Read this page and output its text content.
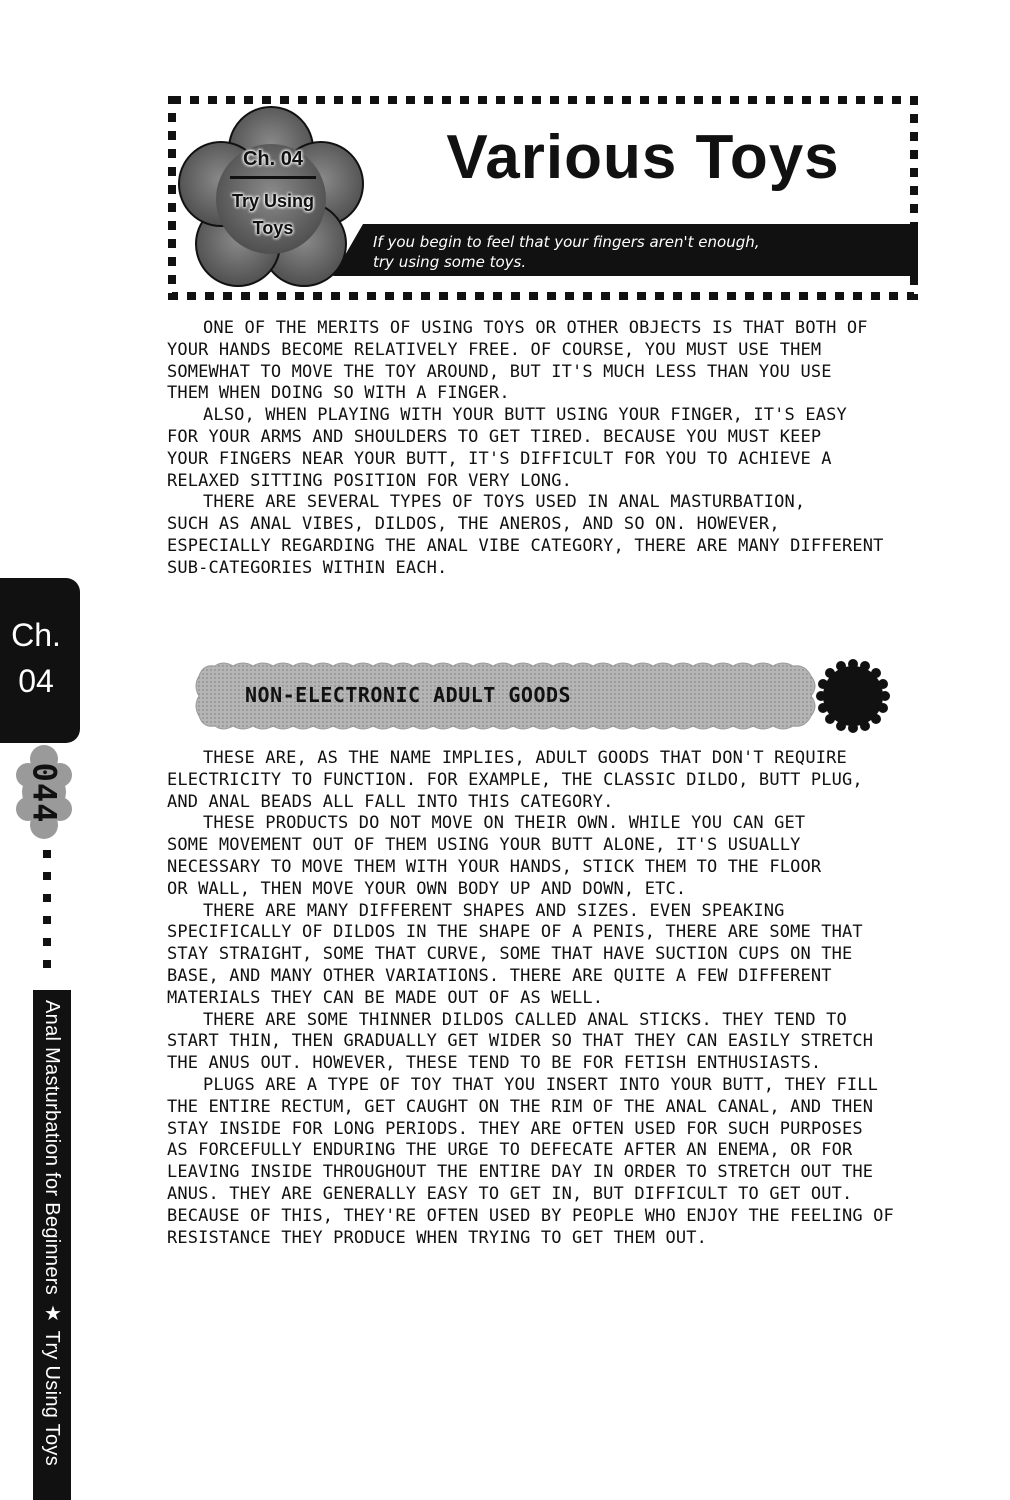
Ch. 04
Try Using
Toys
Various Toys
If you begin to feel that your fingers aren't enough,
try using some toys.

ONE OF THE MERITS OF USING TOYS OR OTHER OBJECTS IS THAT BOTH OF
YOUR HANDS BECOME RELATIVELY FREE. OF COURSE, YOU MUST USE THEM
SOMEWHAT TO MOVE THE TOY AROUND, BUT IT'S MUCH LESS THAN YOU USE
THEM WHEN DOING SO WITH A FINGER.

ALSO, WHEN PLAYING WITH YOUR BUTT USING YOUR FINGER, IT'S EASY
FOR YOUR ARMS AND SHOULDERS TO GET TIRED. BECAUSE YOU MUST KEEP
YOUR FINGERS NEAR YOUR BUTT, IT'S DIFFICULT FOR YOU TO ACHIEVE A
RELAXED SITTING POSITION FOR VERY LONG.

THERE ARE SEVERAL TYPES OF TOYS USED IN ANAL MASTURBATION,
SUCH AS ANAL VIBES, DILDOS, THE ANEROS, AND SO ON. HOWEVER,
ESPECIALLY REGARDING THE ANAL VIBE CATEGORY, THERE ARE MANY DIFFERENT
SUB-CATEGORIES WITHIN EACH.

NON-ELECTRONIC ADULT GOODS

THESE ARE, AS THE NAME IMPLIES, ADULT GOODS THAT DON'T REQUIRE
ELECTRICITY TO FUNCTION. FOR EXAMPLE, THE CLASSIC DILDO, BUTT PLUG,
AND ANAL BEADS ALL FALL INTO THIS CATEGORY.

THESE PRODUCTS DO NOT MOVE ON THEIR OWN. WHILE YOU CAN GET
SOME MOVEMENT OUT OF THEM USING YOUR BUTT ALONE, IT'S USUALLY
NECESSARY TO MOVE THEM WITH YOUR HANDS, STICK THEM TO THE FLOOR
OR WALL, THEN MOVE YOUR OWN BODY UP AND DOWN, ETC.

THERE ARE MANY DIFFERENT SHAPES AND SIZES. EVEN SPEAKING
SPECIFICALLY OF DILDOS IN THE SHAPE OF A PENIS, THERE ARE SOME THAT
STAY STRAIGHT, SOME THAT CURVE, SOME THAT HAVE SUCTION CUPS ON THE
BASE, AND MANY OTHER VARIATIONS. THERE ARE QUITE A FEW DIFFERENT
MATERIALS THEY CAN BE MADE OUT OF AS WELL.

THERE ARE SOME THINNER DILDOS CALLED ANAL STICKS. THEY TEND TO
START THIN, THEN GRADUALLY GET WIDER SO THAT THEY CAN EASILY STRETCH
THE ANUS OUT. HOWEVER, THESE TEND TO BE FOR FETISH ENTHUSIASTS.

PLUGS ARE A TYPE OF TOY THAT YOU INSERT INTO YOUR BUTT, THEY FILL
THE ENTIRE RECTUM, GET CAUGHT ON THE RIM OF THE ANAL CANAL, AND THEN
STAY INSIDE FOR LONG PERIODS. THEY ARE OFTEN USED FOR SUCH PURPOSES
AS FORCEFULLY ENDURING THE URGE TO DEFECATE AFTER AN ENEMA, OR FOR
LEAVING INSIDE THROUGHOUT THE ENTIRE DAY IN ORDER TO STRETCH OUT THE
ANUS. THEY ARE GENERALLY EASY TO GET IN, BUT DIFFICULT TO GET OUT.
BECAUSE OF THIS, THEY'RE OFTEN USED BY PEOPLE WHO ENJOY THE FEELING OF
RESISTANCE THEY PRODUCE WHEN TRYING TO GET THEM OUT.

Ch.
04
044
Anal Masturbation for Beginners ★ Try Using Toys
